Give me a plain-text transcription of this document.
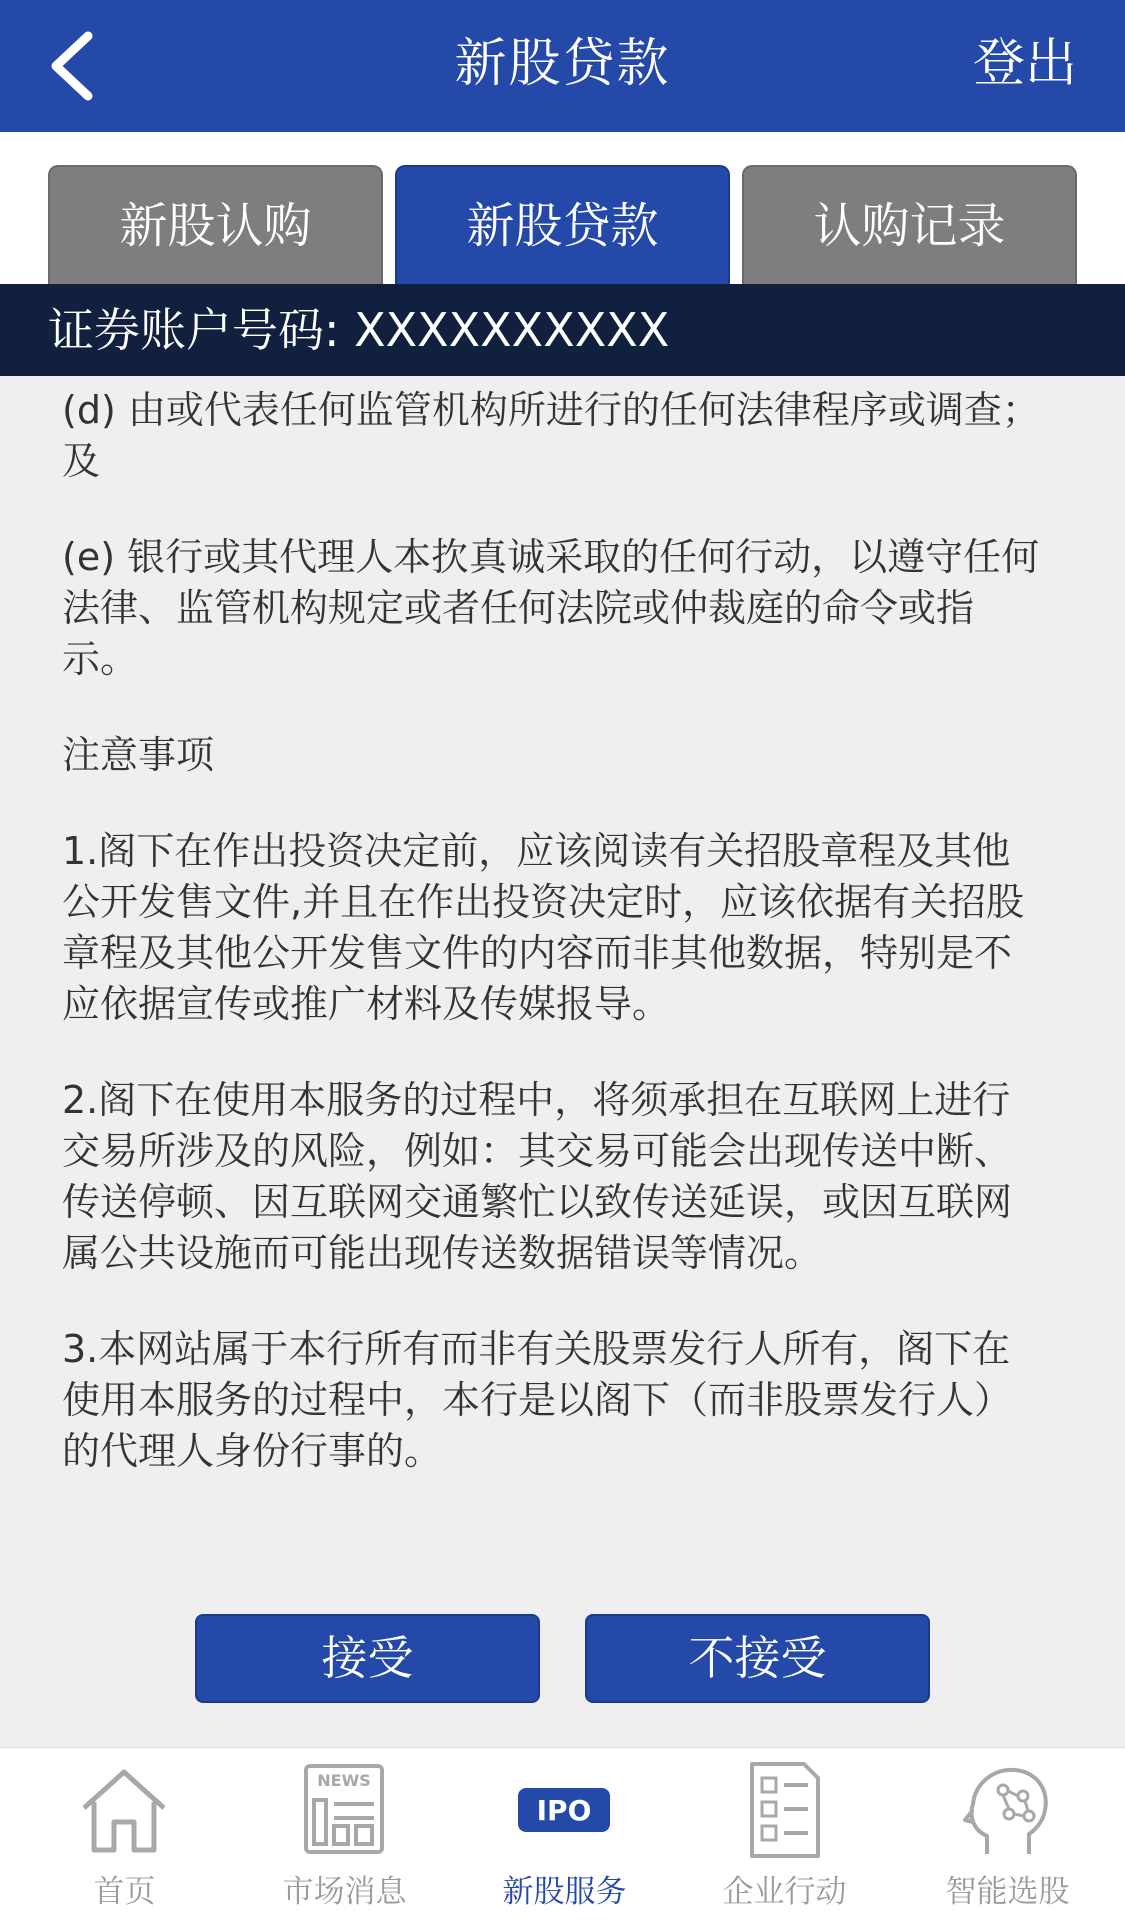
新股贷款	登出
新股认购	新股贷款	认购记录
证券账户号码: XXXXXXXXXX

(d) 由或代表任何监管机构所进行的任何法律程序或调查；及

(e) 银行或其代理人本扻真诚采取的任何行动，以遵守任何法律、监管机构规定或者任何法院或仲裁庭的命令或指示。

注意事项

1.阁下在作出投资决定前，应该阅读有关招股章程及其他公开发售文件,并且在作出投资决定时，应该依据有关招股章程及其他公开发售文件的内容而非其他数据，特别是不应依据宣传或推广材料及传媒报导。

2.阁下在使用本服务的过程中，将须承担在互联网上进行交易所涉及的风险，例如：其交易可能会出现传送中断、传送停顿、因互联网交通繁忙以致传送延误，或因互联网属公共设施而可能出现传送数据错误等情况。

3.本网站属于本行所有而非有关股票发行人所有，阁下在使用本服务的过程中，本行是以阁下（而非股票发行人）的代理人身份行事的。

接受	不接受
首页
NEWS
市场消息
IPO
新股服务	企业行动	智能选股
